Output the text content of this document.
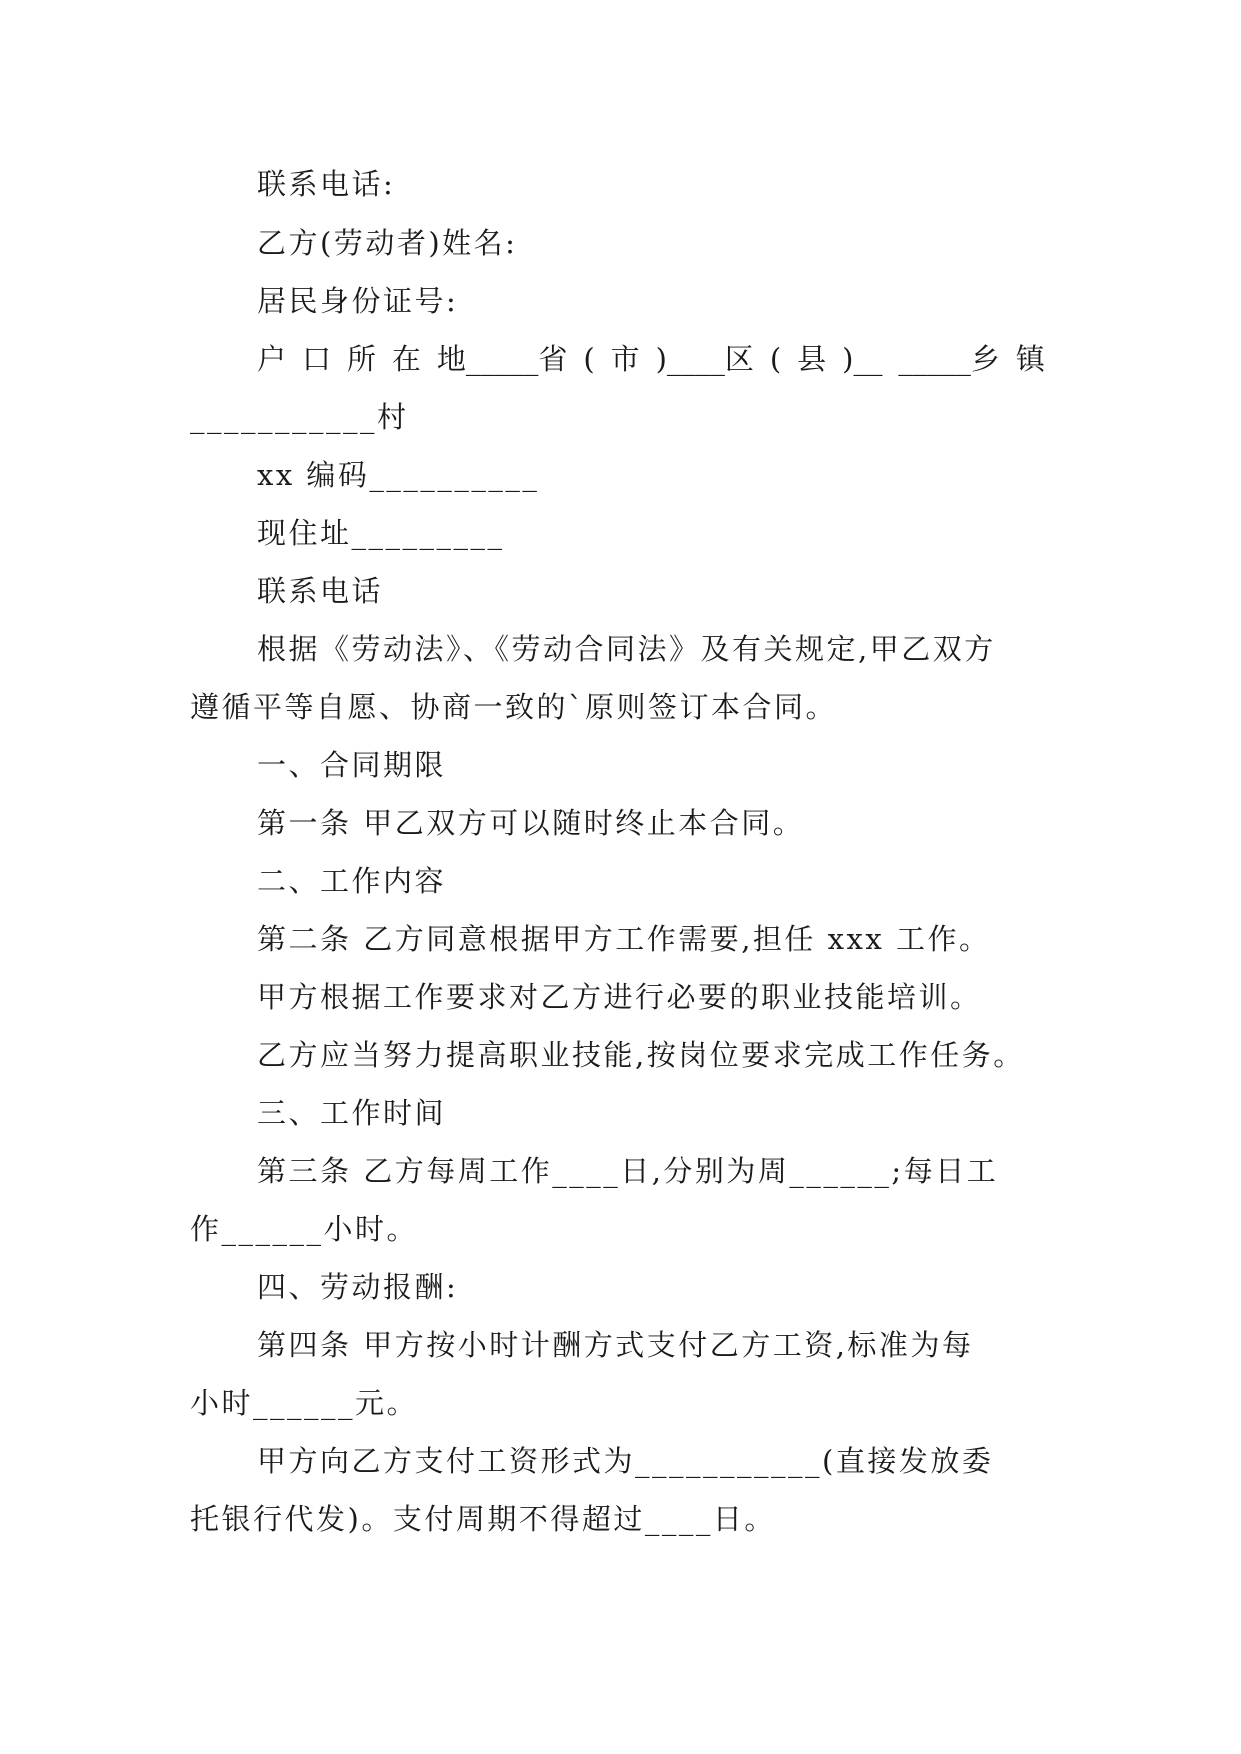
联系电话:
乙方(劳动者)姓名:
居民身份证号:
户 口 所 在 地_____省 ( 市 )____区 ( 县 )__ _____乡 镇
___________村
xx 编码__________
现住址_________
联系电话
根据《劳动法》、《劳动合同法》及有关规定,甲乙双方
遵循平等自愿、协商一致的`原则签订本合同。
一、合同期限
第一条 甲乙双方可以随时终止本合同。
二、工作内容
第二条 乙方同意根据甲方工作需要,担任 xxx 工作。
甲方根据工作要求对乙方进行必要的职业技能培训。
乙方应当努力提高职业技能,按岗位要求完成工作任务。
三、工作时间
第三条 乙方每周工作____日,分别为周______;每日工
作______小时。
四、劳动报酬:
第四条 甲方按小时计酬方式支付乙方工资,标准为每
小时______元。
甲方向乙方支付工资形式为___________(直接发放委
托银行代发)。支付周期不得超过____日。
